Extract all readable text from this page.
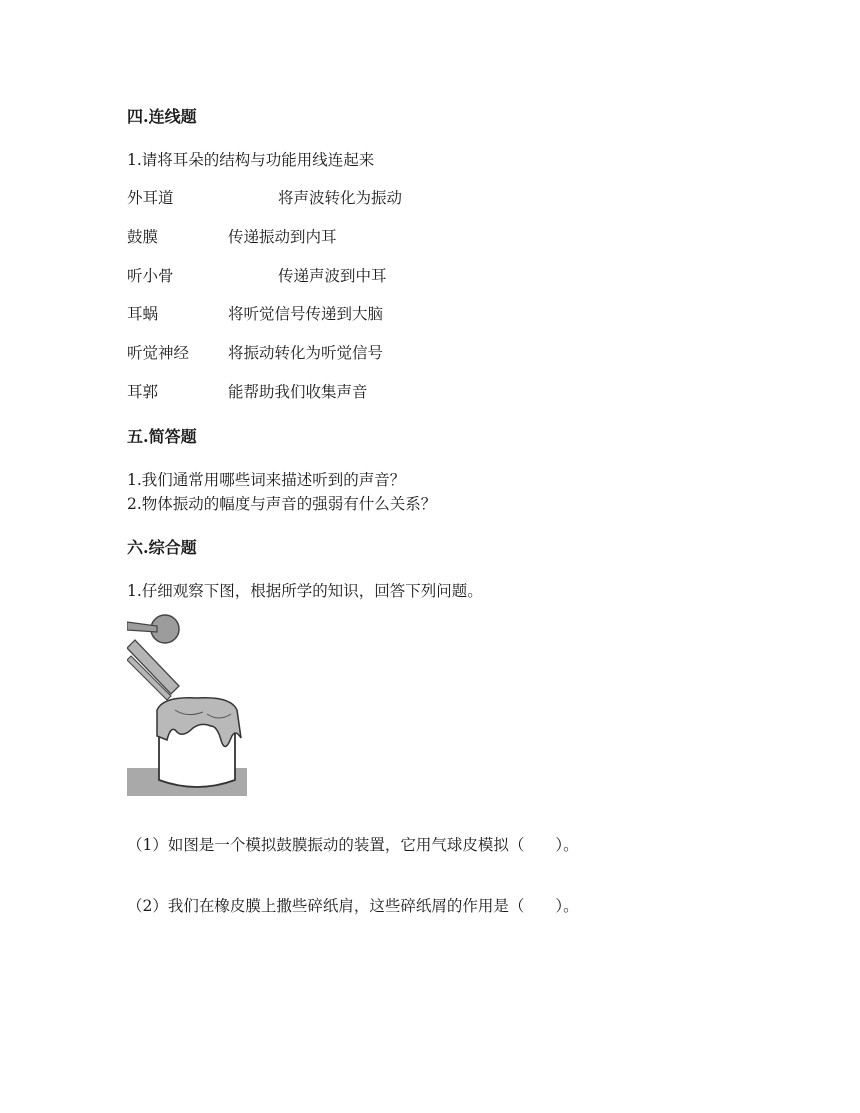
四.连线题
1.请将耳朵的结构与功能用线连起来
外耳道	将声波转化为振动
鼓膜	传递振动到内耳
听小骨	传递声波到中耳
耳蜗	将听觉信号传递到大脑
听觉神经	将振动转化为听觉信号
耳郭	能帮助我们收集声音
五.简答题
1.我们通常用哪些词来描述听到的声音？
2.物体振动的幅度与声音的强弱有什么关系？
六.综合题
1.仔细观察下图，根据所学的知识，回答下列问题。
（1）如图是一个模拟鼓膜振动的装置，它用气球皮模拟（　　）。
（2）我们在橡皮膜上撒些碎纸肩，这些碎纸屑的作用是（　　）。
